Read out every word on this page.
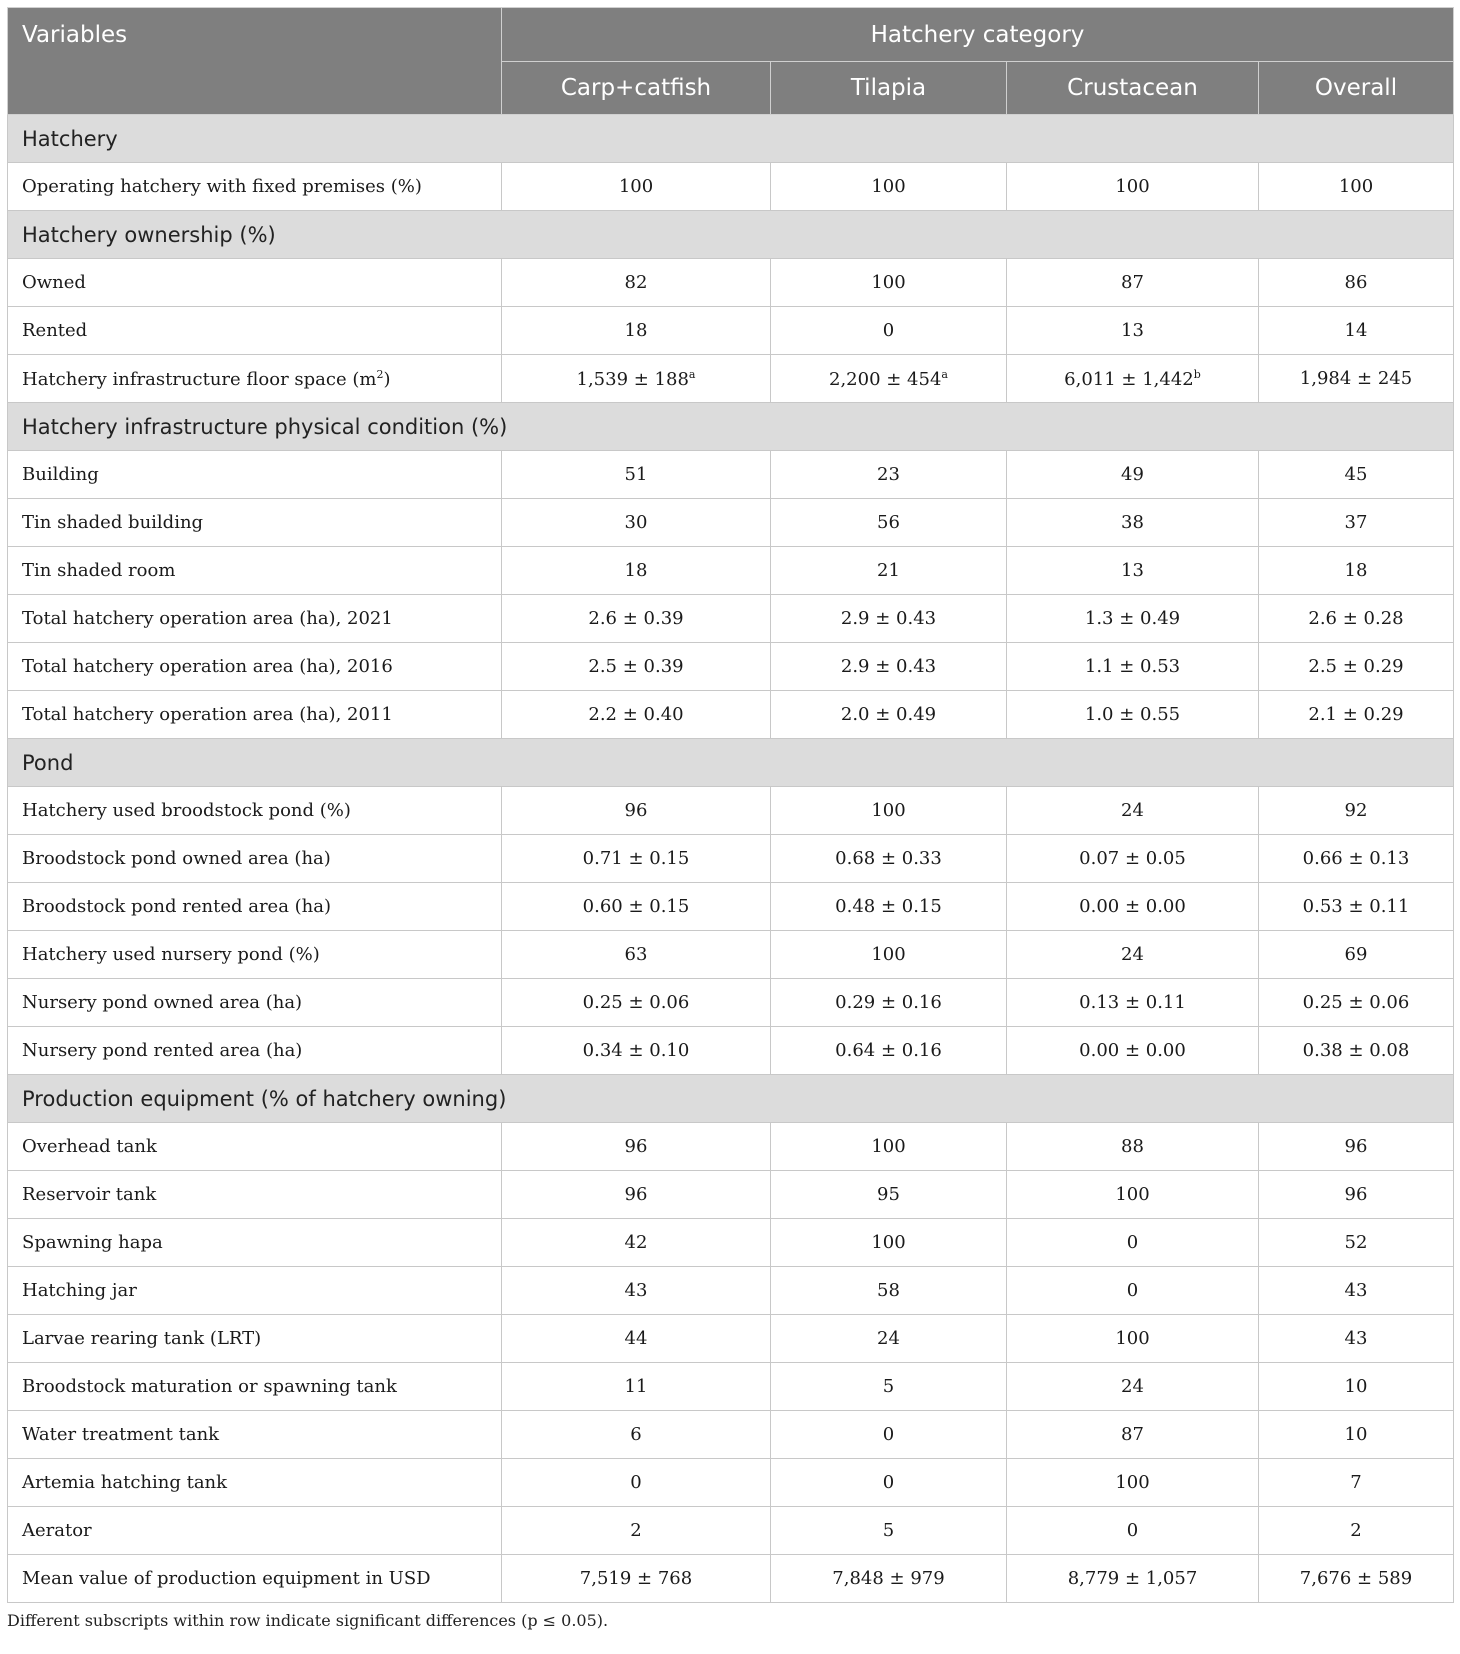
Variables	Hatchery category			
	Carp+catfish	Tilapia	Crustacean	Overall
Hatchery				
Operating hatchery with fixed premises (%)	100	100	100	100
Hatchery ownership (%)				
Owned	82	100	87	86
Rented	18	0	13	14
Hatchery infrastructure floor space $(m^2)$	$1,539 \pm 188^a$	$2,200 \pm 454^a$	6,011 ± 1,442$^b$	1,984 ± 245
Hatchery infrastructure physical condition (%)				
Building	51	23	49	45
Tin shaded building	30	56	38	37
Tin shaded room	18	21	13	18
Total hatchery operation area (ha), 2021	2.6 ± 0.39	2.9 ± 0.43	1.3 ± 0.49	2.6 ± 0.28
Total hatchery operation area (ha), 2016	2.5 ± 0.39	2.9 ± 0.43	1.1 ± 0.53	2.5 ± 0.29
Total hatchery operation area (ha), 2011	2.2 ± 0.40	2.0 ± 0.49	1.0 ± 0.55	2.1 ± 0.29
Pond				
Hatchery used broodstock pond (%)	96	100	24	92
Broodstock pond owned area (ha)	0.71 ± 0.15	0.68 ± 0.33	0.07 ± 0.05	0.66 ± 0.13
Broodstock pond rented area (ha)	0.60 ± 0.15	0.48 ± 0.15	0.00 ± 0.00	0.53 ± 0.11
Hatchery used nursery pond (%)	63	100	24	69
Nursery pond owned area (ha)	0.25 ± 0.06	0.29 ± 0.16	0.13 ± 0.11	0.25 ± 0.06
Nursery pond rented area (ha)	0.34 ± 0.10	0.64 ± 0.16	0.00 ± 0.00	0.38 ± 0.08
Production equipment (% of hatchery owning)				
Overhead tank	96	100	88	96
Reservoir tank	96	95	100	96
Spawning hapa	42	100	0	52
Hatching jar	43	58	0	43
Larvae rearing tank (LRT)	44	24	100	43
Broodstock maturation or spawning tank	11	5	24	10
Water treatment tank	6	0	87	10
Artemia hatching tank	0	0	100	7
Aerator	2	5	0	2
Mean value of production equipment in USD	7,519 ± 768	7,848 ± 979	8,779 ± 1,057	7,676 ± 589
Different subscripts within row indicate significant differences (p ≤ 0.05).
